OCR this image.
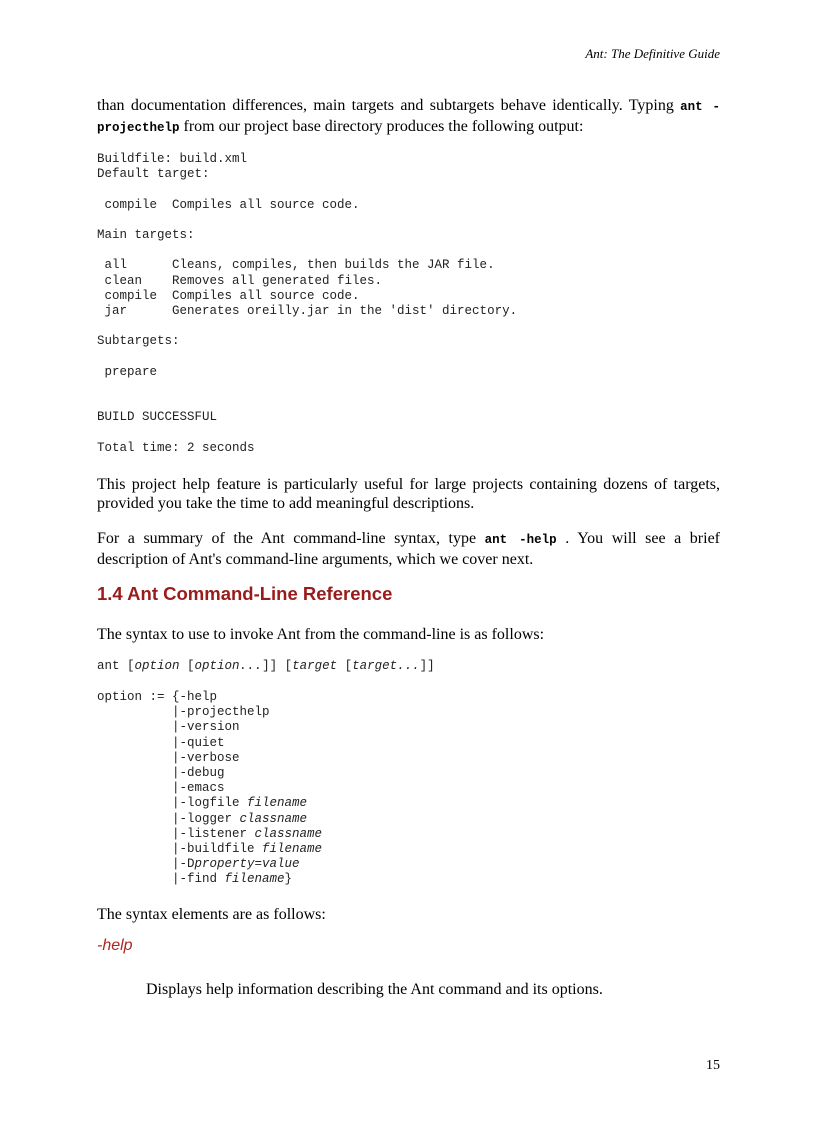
Ant: The Definitive Guide

than documentation differences, main targets and subtargets behave identically. Typing ant -projecthelp from our project base directory produces the following output:

Buildfile: build.xml
Default target:

compile  Compiles all source code.

Main targets:

all      Cleans, compiles, then builds the JAR file.
clean    Removes all generated files.
compile  Compiles all source code.
jar      Generates oreilly.jar in the 'dist' directory.

Subtargets:

prepare

BUILD SUCCESSFUL

Total time: 2 seconds

This project help feature is particularly useful for large projects containing dozens of targets, provided you take the time to add meaningful descriptions.

For a summary of the Ant command-line syntax, type ant -help . You will see a brief description of Ant's command-line arguments, which we cover next.

1.4 Ant Command-Line Reference

The syntax to use to invoke Ant from the command-line is as follows:

ant [option [option...]] [target [target...]]
option := {-help
|-projecthelp
|-version
|-quiet
|-verbose
|-debug
|-emacs
|-logfile filename
|-logger classname
|-listener classname
|-buildfile filename
|-Dproperty=value
|-find filename}

The syntax elements are as follows:

-help

Displays help information describing the Ant command and its options.

15
